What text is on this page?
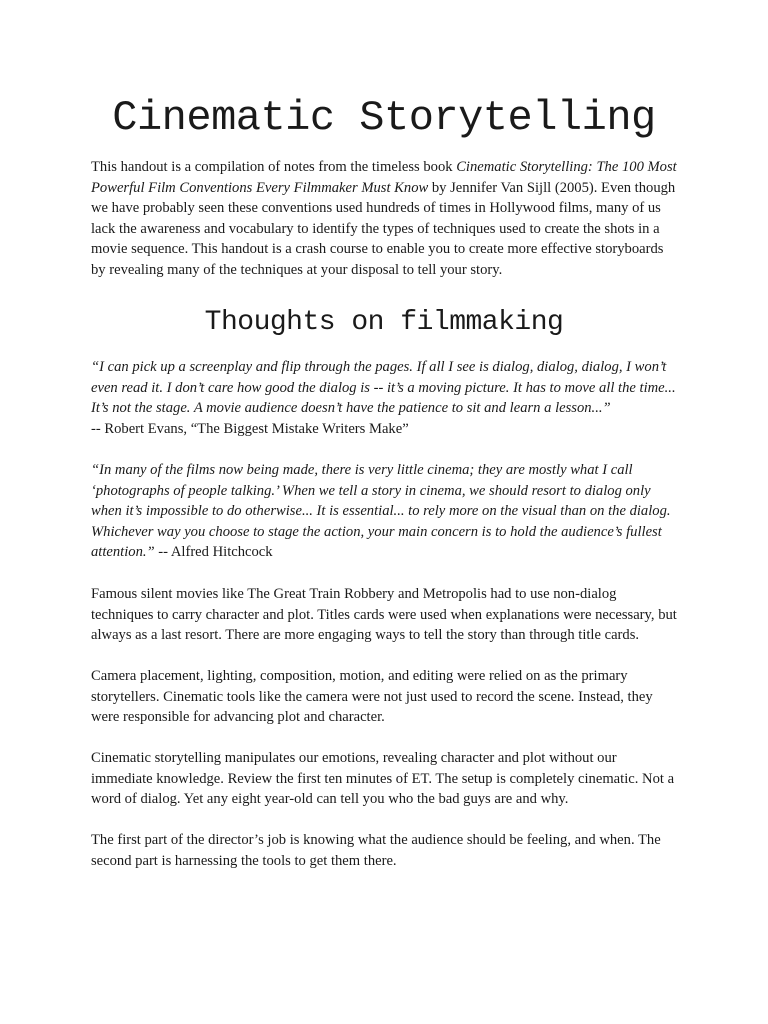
Cinematic Storytelling

This handout is a compilation of notes from the timeless book Cinematic Storytelling: The 100 Most Powerful Film Conventions Every Filmmaker Must Know by Jennifer Van Sijll (2005). Even though we have probably seen these conventions used hundreds of times in Hollywood films, many of us lack the awareness and vocabulary to identify the types of techniques used to create the shots in a movie sequence. This handout is a crash course to enable you to create more effective storyboards by revealing many of the techniques at your disposal to tell your story.

Thoughts on filmmaking

“I can pick up a screenplay and flip through the pages. If all I see is dialog, dialog, dialog, I won’t even read it. I don’t care how good the dialog is -- it’s a moving picture. It has to move all the time... It’s not the stage. A movie audience doesn’t have the patience to sit and learn a lesson...”
-- Robert Evans, “The Biggest Mistake Writers Make”

“In many of the films now being made, there is very little cinema; they are mostly what I call ‘photographs of people talking.’ When we tell a story in cinema, we should resort to dialog only when it’s impossible to do otherwise... It is essential... to rely more on the visual than on the dialog. Whichever way you choose to stage the action, your main concern is to hold the audience’s fullest attention.” -- Alfred Hitchcock

Famous silent movies like The Great Train Robbery and Metropolis had to use non-dialog techniques to carry character and plot. Titles cards were used when explanations were necessary, but always as a last resort. There are more engaging ways to tell the story than through title cards.

Camera placement, lighting, composition, motion, and editing were relied on as the primary storytellers. Cinematic tools like the camera were not just used to record the scene. Instead, they were responsible for advancing plot and character.

Cinematic storytelling manipulates our emotions, revealing character and plot without our immediate knowledge. Review the first ten minutes of ET. The setup is completely cinematic. Not a word of dialog. Yet any eight year-old can tell you who the bad guys are and why.

The first part of the director’s job is knowing what the audience should be feeling, and when. The second part is harnessing the tools to get them there.
